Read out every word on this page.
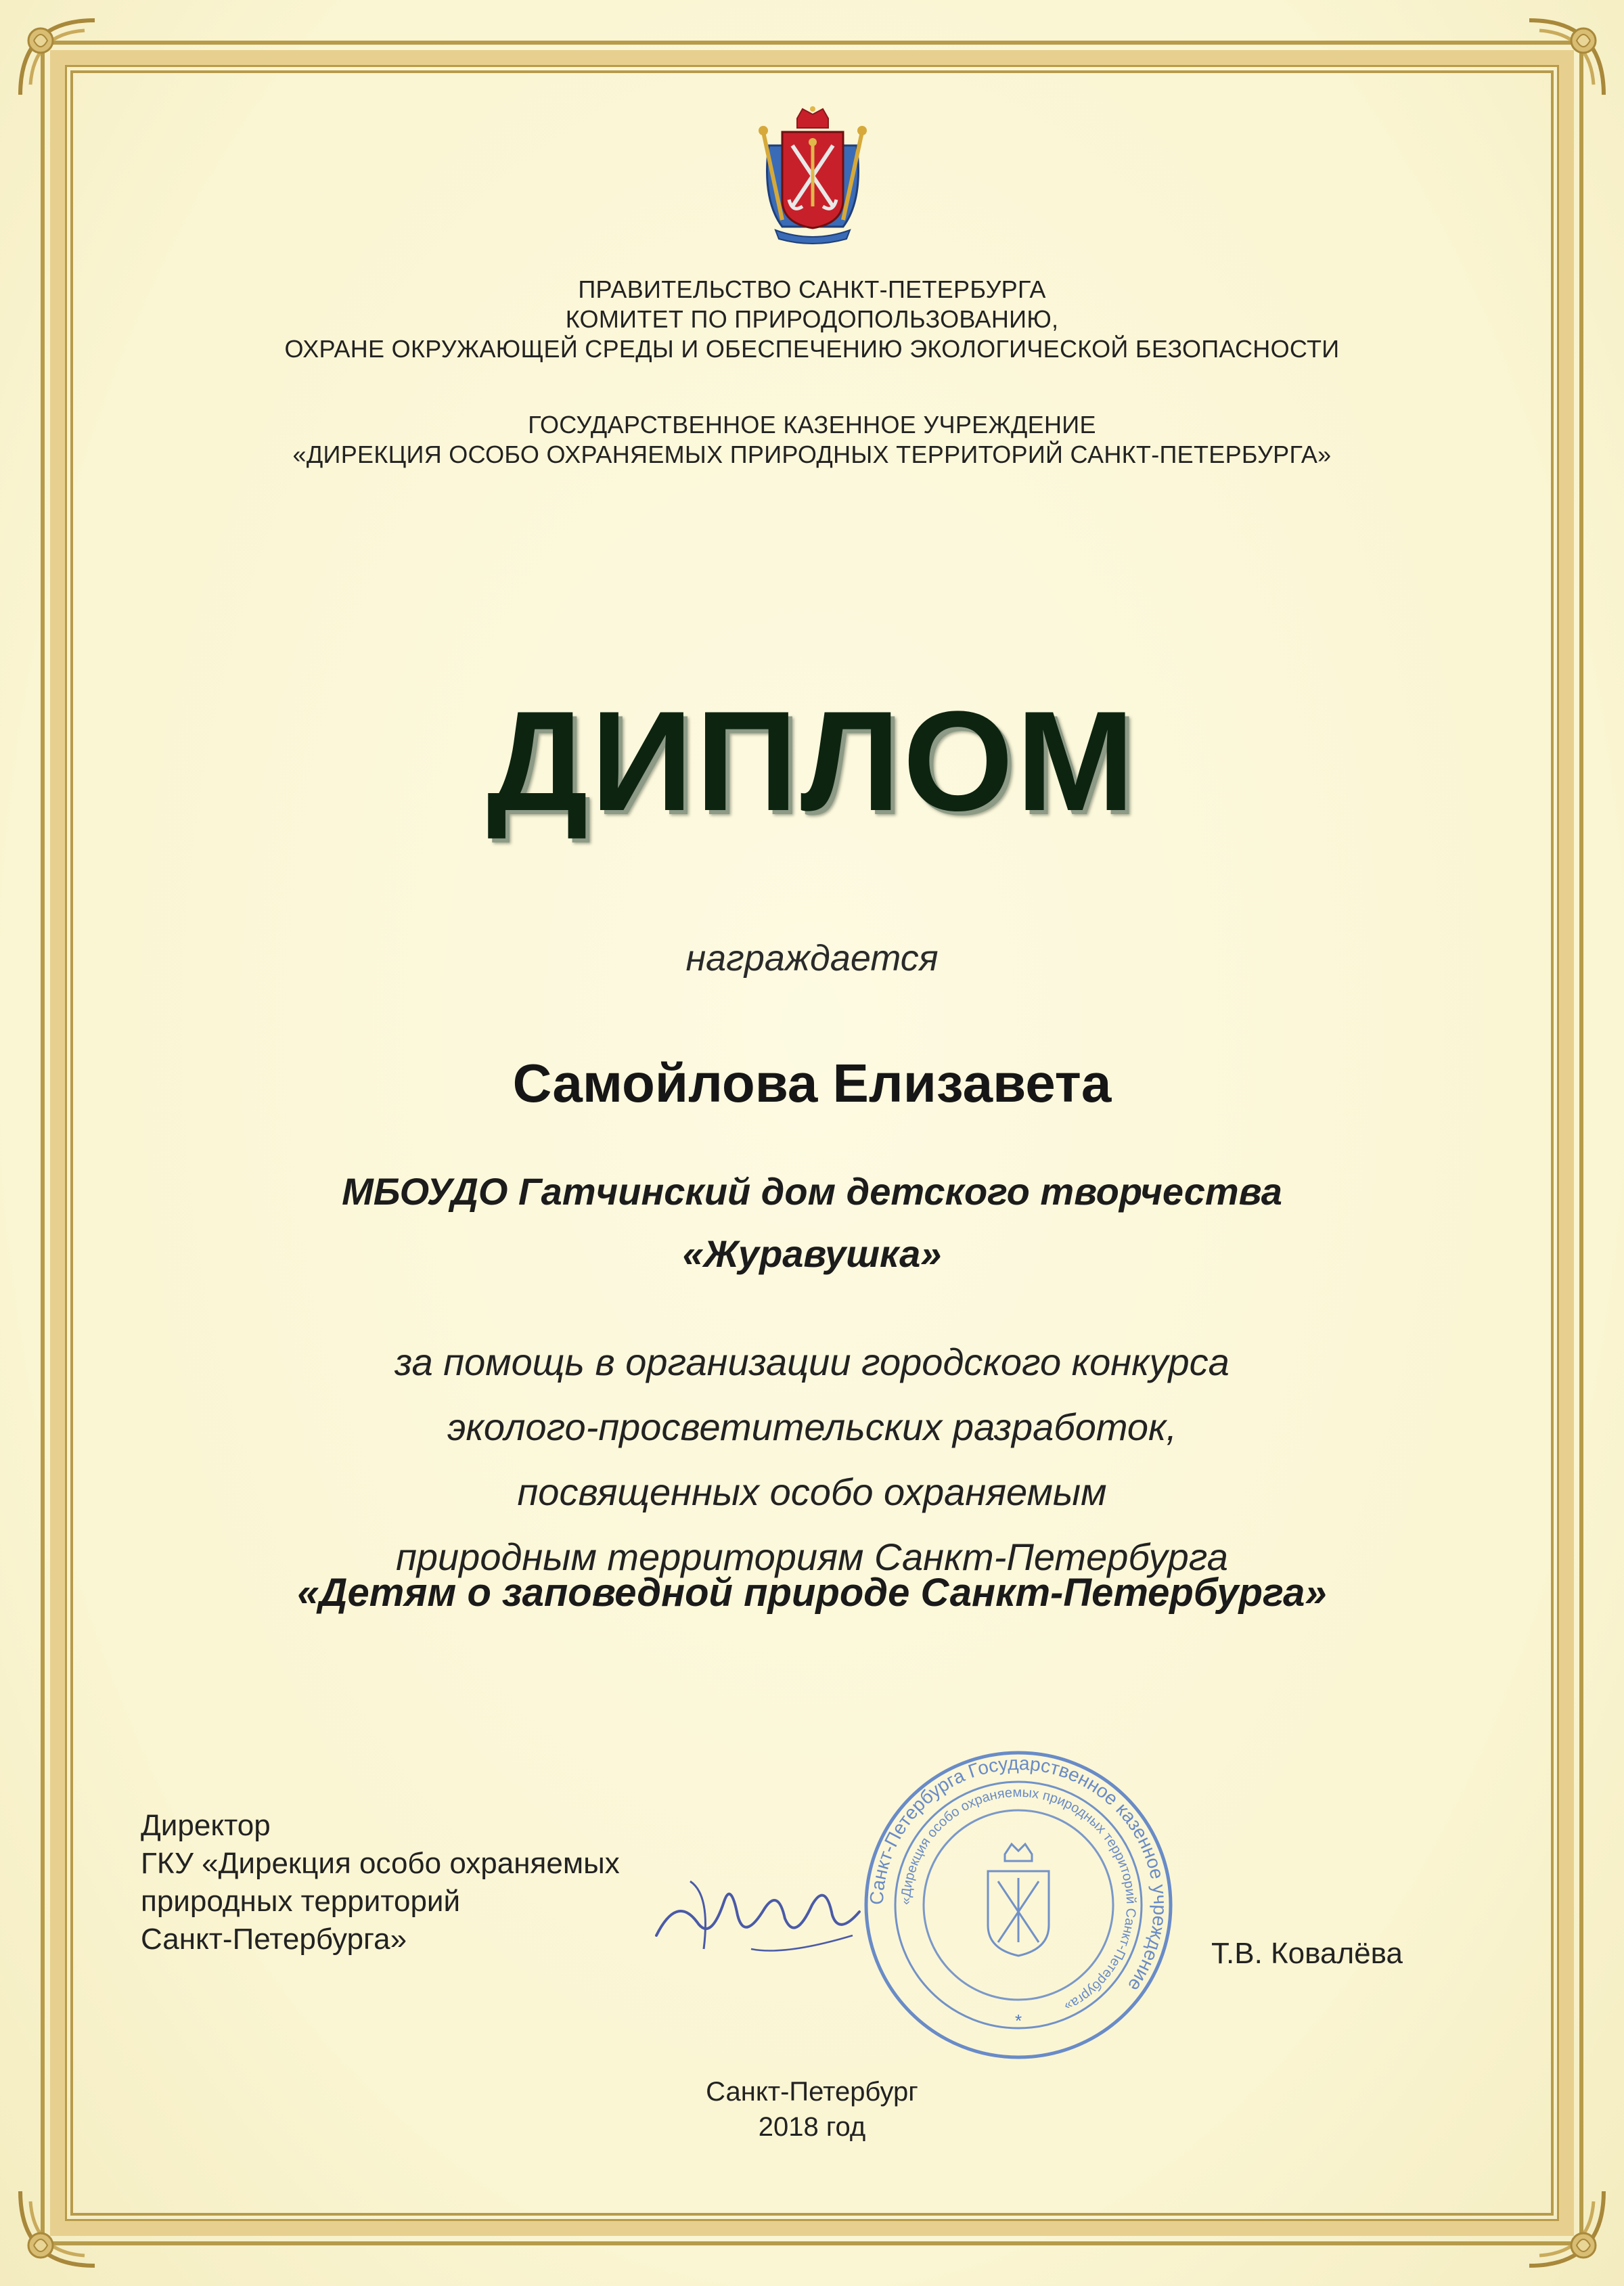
ПРАВИТЕЛЬСТВО САНКТ-ПЕТЕРБУРГА
КОМИТЕТ ПО ПРИРОДОПОЛЬЗОВАНИЮ,
ОХРАНЕ ОКРУЖАЮЩЕЙ СРЕДЫ И ОБЕСПЕЧЕНИЮ ЭКОЛОГИЧЕСКОЙ БЕЗОПАСНОСТИ
ГОСУДАРСТВЕННОЕ КАЗЕННОЕ УЧРЕЖДЕНИЕ
«ДИРЕКЦИЯ ОСОБО ОХРАНЯЕМЫХ ПРИРОДНЫХ ТЕРРИТОРИЙ САНКТ-ПЕТЕРБУРГА»
ДИПЛОМ
награждается
Самойлова Елизавета
МБОУДО Гатчинский дом детского творчества
«Журавушка»
за помощь в организации городского конкурса
эколого-просветительских разработок,
посвященных особо охраняемым
природным территориям Санкт-Петербурга
«Детям о заповедной природе Санкт-Петербурга»
Директор
ГКУ «Дирекция особо охраняемых
природных территорий
Санкт-Петербурга»
Санкт-Петербурга Государственное казенное учреждение
«Дирекция особо охраняемых природных территорий Санкт-Петербурга»
*
Т.В. Ковалёва
Санкт-Петербург
2018 год
